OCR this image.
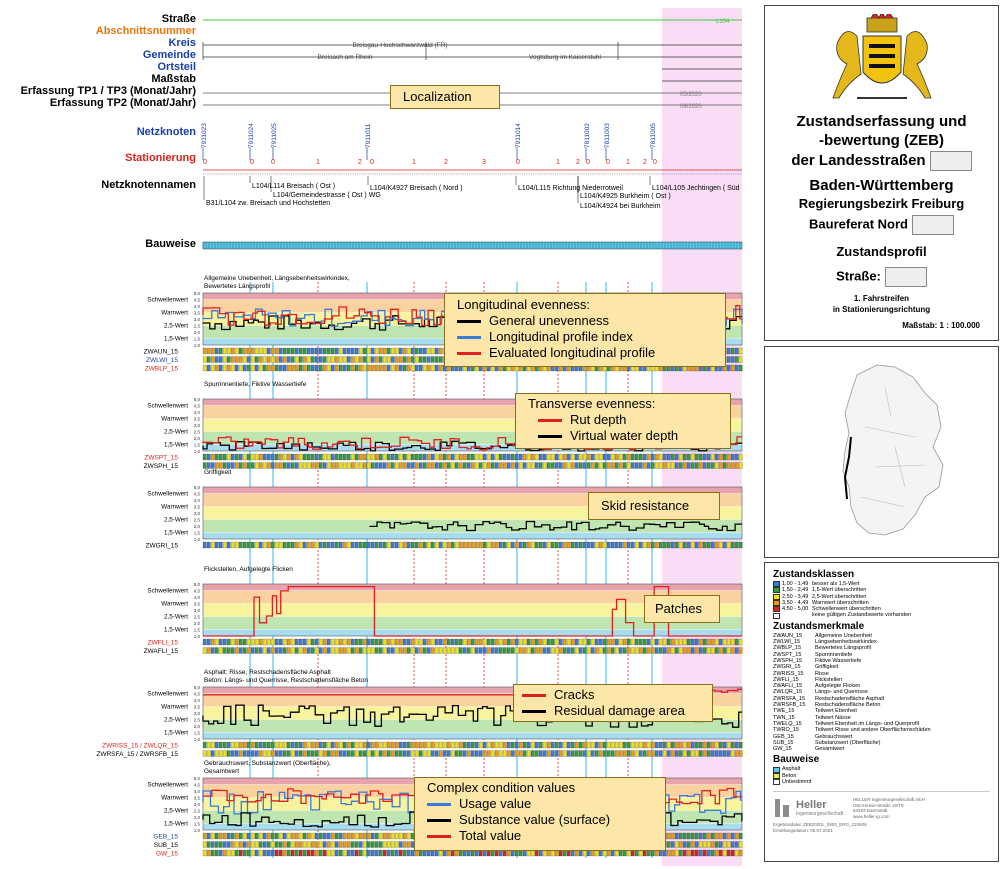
Straße
Abschnittsnummer
Kreis
Gemeinde
Ortsteil
Maßstab
Erfassung TP1 / TP3 (Monat/Jahr)
Erfassung TP2 (Monat/Jahr)
Netzknoten
Stationierung
Netzknotennamen
Bauweise
L104
Breisgau-Hochschwarzwald (FR)
Breisach am Rhein	Vogtsburg im Kaiserstuhl
05/2020
09/2020
7911023	7911024 7911025	7911011	7911014	7811002 7811003	7811005
0	0 0	1	2 0	1	2	3	0	1 2 0 0 1 2 0
B31/L104 zw. Breisach und Hochstetten
L104/L114 Breisach ( Ost )
L104/Gemeindestrasse ( Ost ) WG
L104/K4927 Breisach ( Nord )	L104/L115 Richtung Niederrotweil
L104/K4924 bei Burkheim
L104/K4925 Burkheim ( Ost )
L104/L105 Jechtingen ( Süd
Allgemeine Unebenheit, Längsebenheitswirkindex,
Bewertetes Längsprofil
Schwellenwert
Warnwert
2,5-Wert
1,5-Wert
5,0
4,5
4,0
3,5
3,0
2,5
2,0
1,5
1,0
ZWAUN_15
ZWLWI_15
ZWBLP_15
Spurrinnentiefe, Fiktive Wassertiefe
Schwellenwert
Warnwert
2,5-Wert
1,5-Wert
5,0
4,5
4,0
3,5
3,0
2,5
2,0
1,5
1,0
ZWSPT_15
ZWSPH_15
Griffigkeit
Schwellenwert
Warnwert
2,5-Wert
1,5-Wert
5,0
4,5
4,0
3,5
3,0
2,5
2,0
1,5
1,0
ZWGRI_15
Flickstellen, Aufgelegte Flicken
Schwellenwert
Warnwert
2,5-Wert
1,5-Wert
5,0
4,5
4,0
3,5
3,0
2,5
2,0
1,5
1,0
ZWFLI_15
ZWAFLI_15
Asphalt: Risse, Restschadensfläche Asphalt
Beton: Längs- und Querrisse, Restschadensfläche Beton
Schwellenwert
Warnwert
2,5-Wert
1,5-Wert
5,0
4,5
4,0
3,5
3,0
2,5
2,0
1,5
1,0
ZWRISS_15 / ZWLQR_15
ZWRSFA_15 / ZWRSFB_15
Gebrauchswert, Substanzwert (Oberfläche),
Gesamtwert
Schwellenwert
Warnwert
2,5-Wert
1,5-Wert
5,0
4,5
4,0
3,5
3,0
2,5
2,0
1,5
1,0
GEB_15
SUB_15
GW_15
Localization
Longitudinal evenness:
General unevenness
Longitudinal profile index
Evaluated longitudinal profile
Transverse evenness:
Rut depth
Virtual water depth
Skid resistance
Patches
Cracks
Residual damage area
Complex condition values
Usage value
Substance value (surface)
Total value
Zustandserfassung und
-bewertung (ZEB)
der Landesstraßen
Baden-Württemberg
Regierungsbezirk Freiburg
Baureferat Nord
Zustandsprofil
Straße:
1. Fahrstreifen
in Stationierungsrichtung
Maßstab: 1 : 100.000
Zustandsklassen
1,00 - 1,49 besser als 1,5-Wert
1,50 - 2,49 1,5-Wert überschritten
2,50 - 3,49 2,5-Wert überschritten
3,50 - 4,49 Warnwert überschritten
4,50 - 5,00 Schwellenwert überschritten
keine gültigen Zustandswerte vorhanden
Zustandsmerkmale
ZWAUN_15	Allgemeine Unebenheit
ZWLWI_15	Längsebenheitswirkindex
ZWBLP_15	Bewertetes Längsprofil
ZWSPT_15	Spurrinnentiefe
ZWSPH_15	Fiktive Wassertiefe
ZWGRI_15	Griffigkeit
ZWRISS_15	Risse
ZWFLI_15	Flickstellen
ZWAFLI_15	Aufgelegte Flicken
ZWLQR_15	Längs- und Querrisse
ZWRSFA_15	Restschadensfläche Asphalt
ZWRSFB_15	Restschadensfläche Beton
TWE_15	Teilwert Ebenheit
TWN_15	Teilwert Nässe
TWELQ_15	Teilwert Ebenheit im Längs- und Querprofil
TWRO_15	Teilwert Risse und andere Oberflächenschäden
GEB_15	Gebrauchswert
SUB_15	Substanzwert (Oberfläche)
GW_15	Gesamtwert
Bauweise
Asphalt
Beton
Unbestimmt
Heller
Ingenieurgesellschaft
HELLER Ingenieurgesellschaft mbH
Otto-Hesse-Straße 19/T9
64293 Darmstadt
www.heller-ig.com
Ergebnisdatei: ZEB2020L_0800_ERG_210609
Erstellungsdatum: 05.07.2021
